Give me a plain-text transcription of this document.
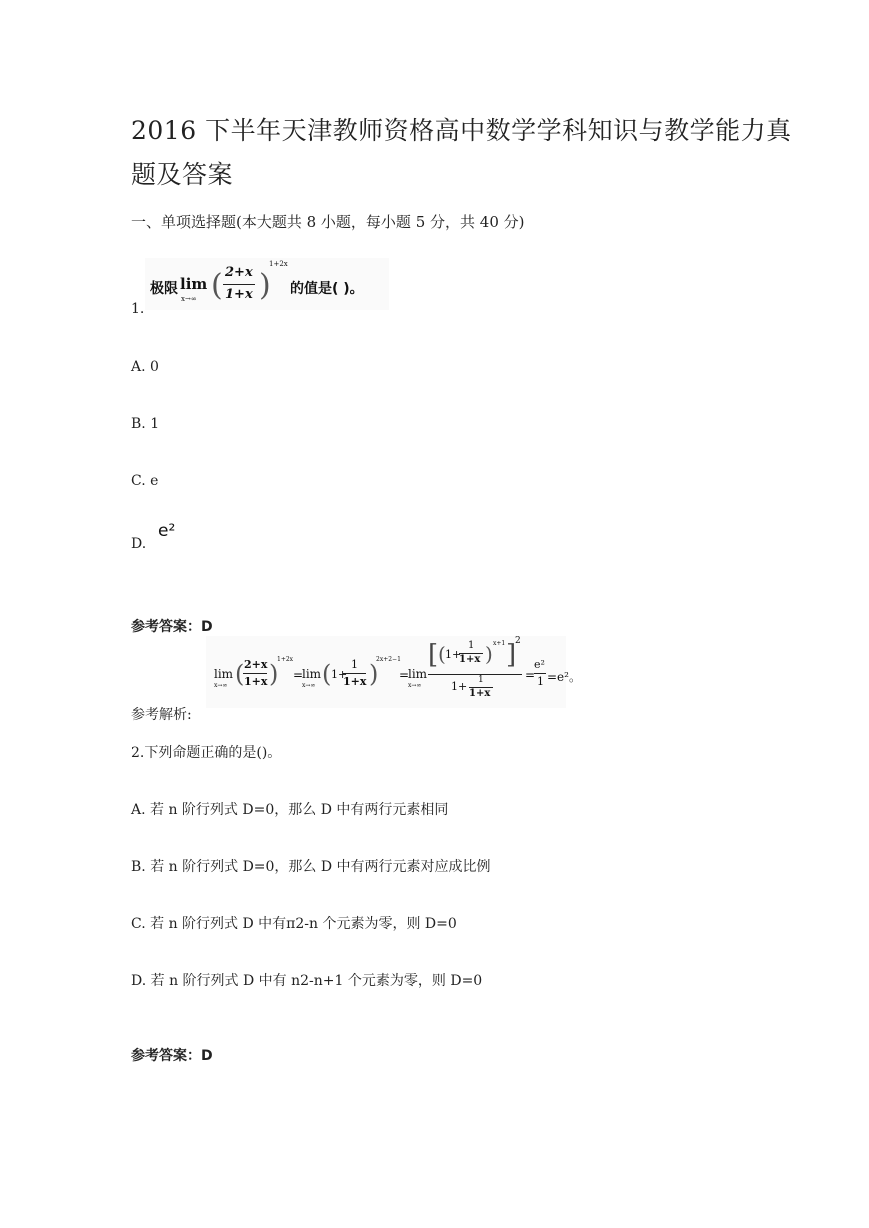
2016 下半年天津教师资格高中数学学科知识与教学能力真
题及答案
一、单项选择题(本大题共 8 小题，每小题 5 分，共 40 分)
1.
极限 lim
x→∞ ( 2+x
1+x )
1+2x
的值是( )。
A. 0
B. 1
C. e
D.
e²
参考答案：D
lim
x→∞ ( 2+x
1+x )
1+2x
=
lim
x→∞ ( 1+
1
1+x )
2x+2−1
=
lim
x→∞
[ ( 1+
1
1+x ) x+1 ]
2
1+ 1
1+x
=
e²
1 =e²。
参考解析:
2.下列命题正确的是()。
A. 若 n 阶行列式 D=0，那么 D 中有两行元素相同
B. 若 n 阶行列式 D=0，那么 D 中有两行元素对应成比例
C. 若 n 阶行列式 D 中有π2-n 个元素为零，则 D=0
D. 若 n 阶行列式 D 中有 n2-n+1 个元素为零，则 D=0
参考答案：D
